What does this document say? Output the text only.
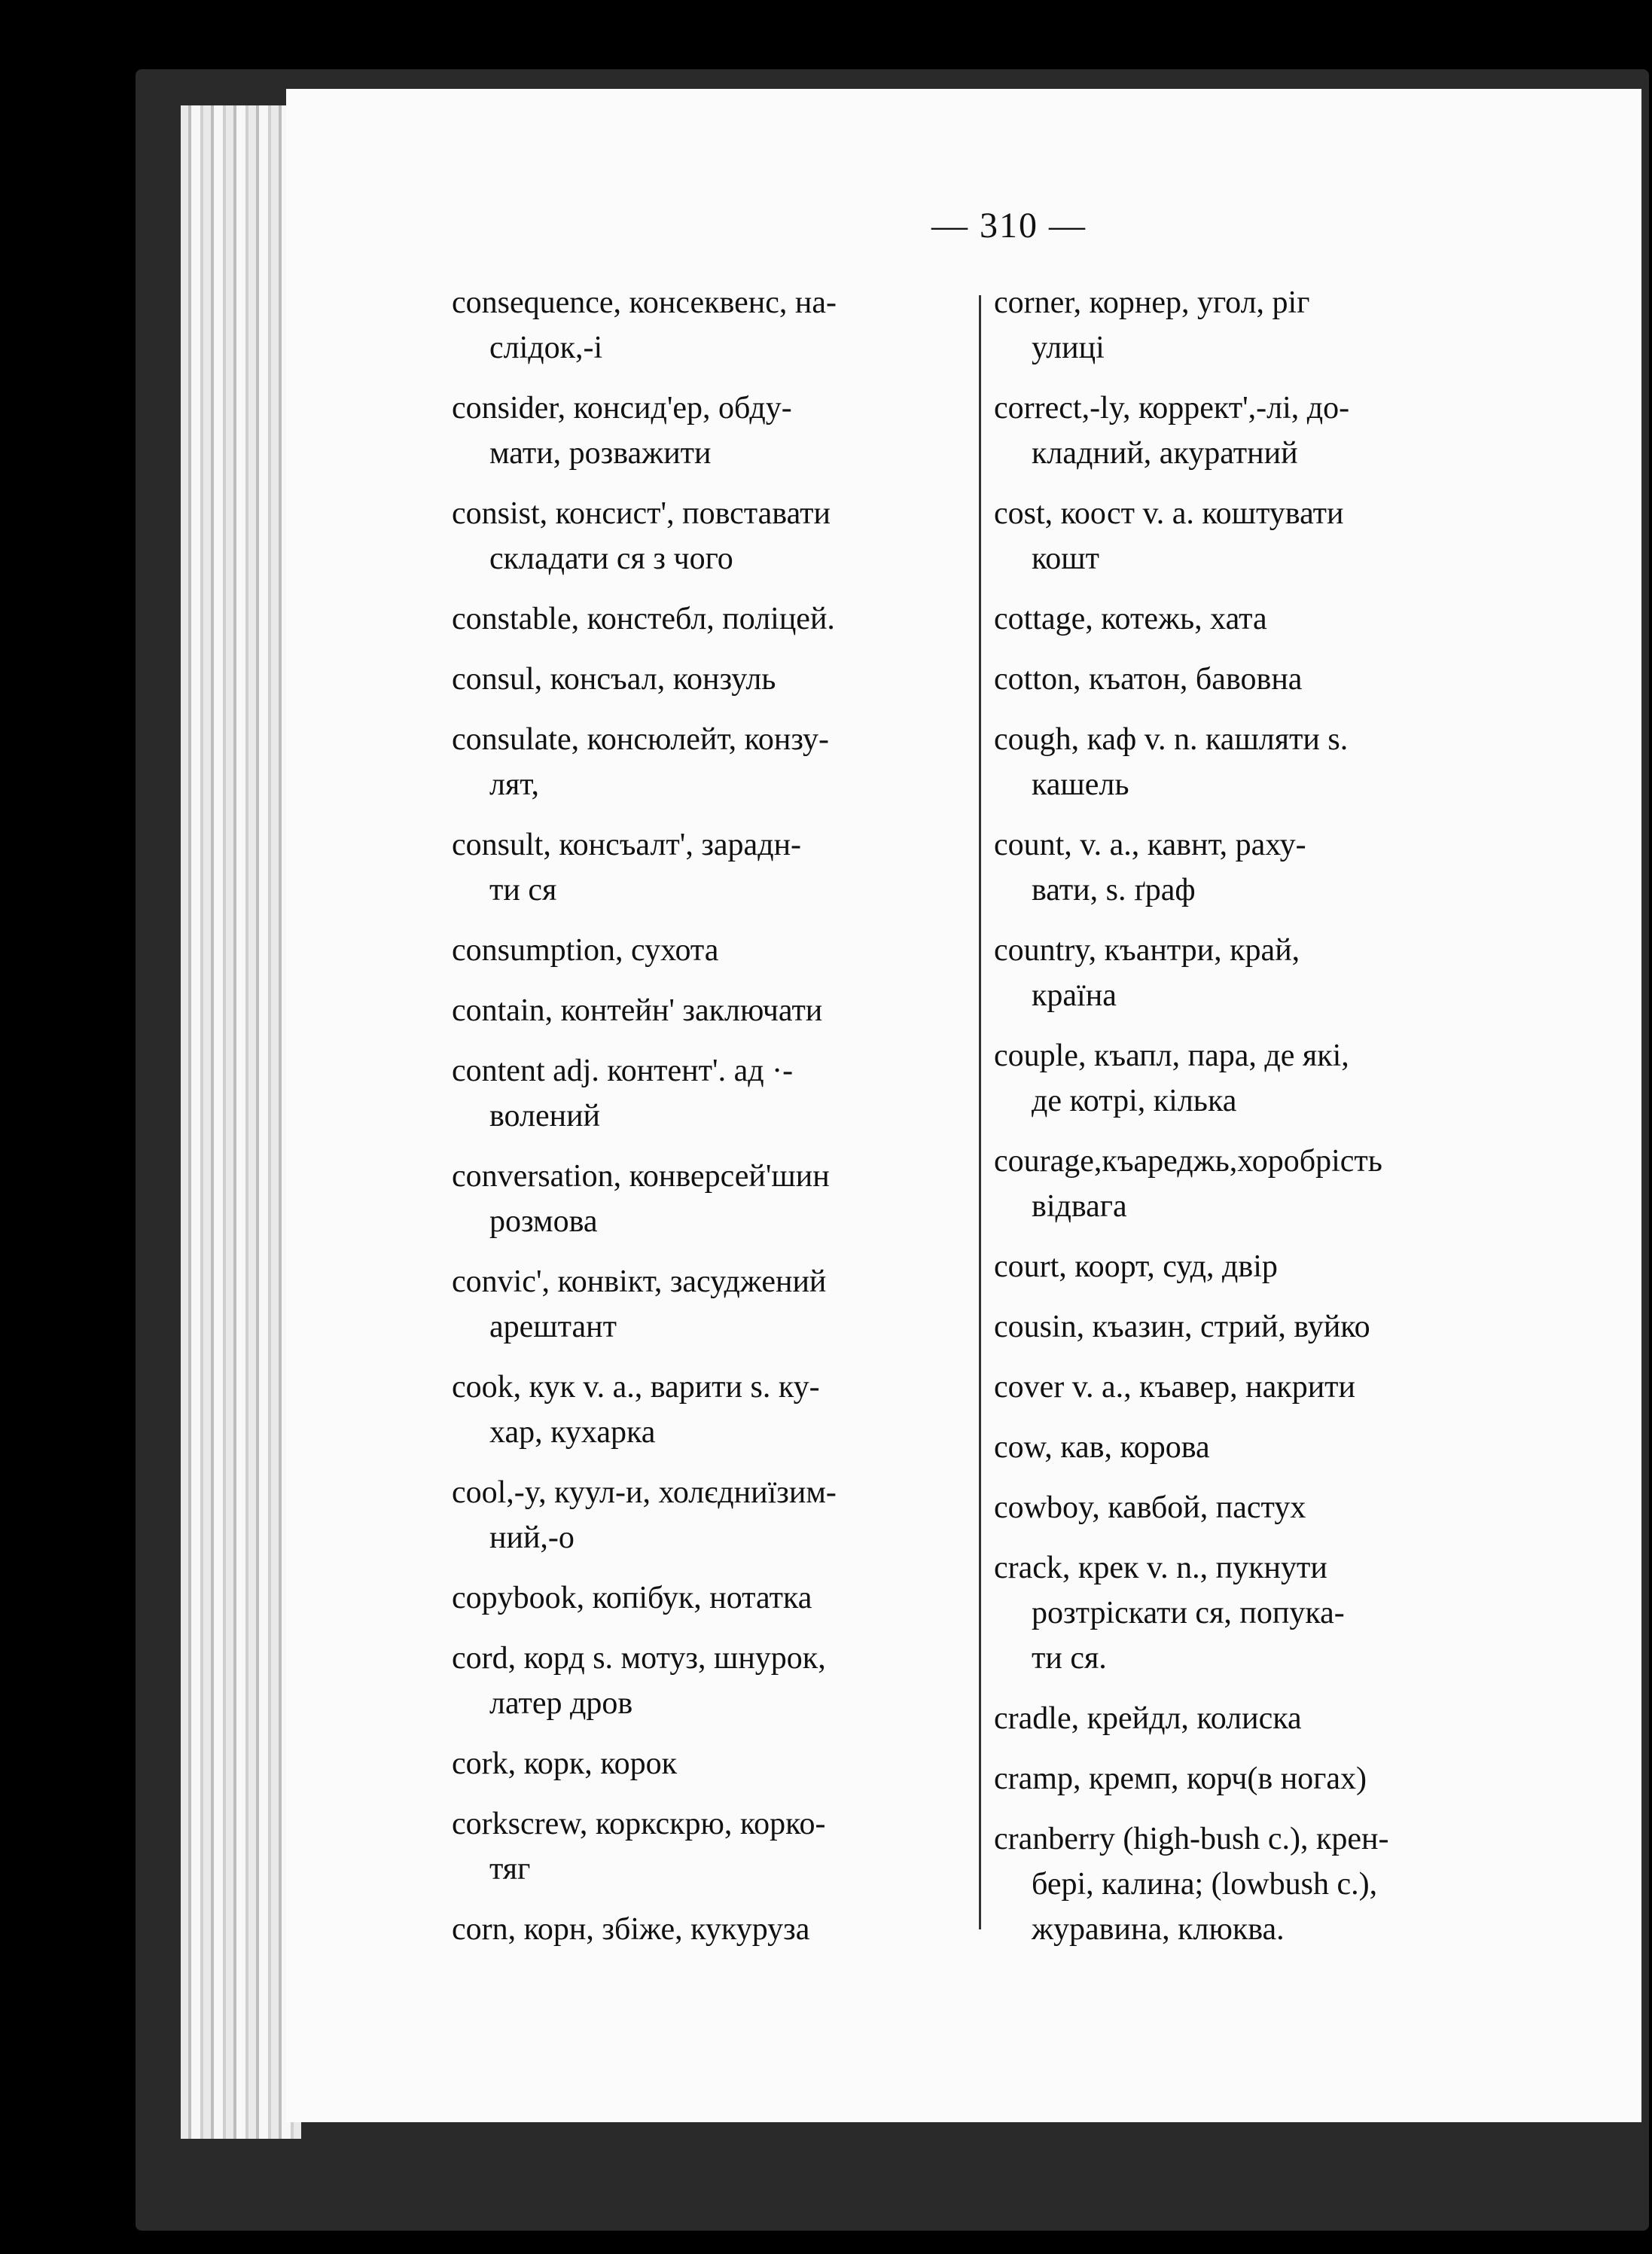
— 310 —
consequence, консеквенс, на-
слідок,-і
consider, консид'ер, обду-
мати, розважити
consist, консист', повставати
складати ся з чого
constable, констебл, поліцей.
consul, консъал, конзуль
consulate, консюлейт, конзу-
лят,
consult, консъалт', зарадн-
ти ся
consumption, сухота
contain, контейн' заключати
content adj. контент'. ад ·-
волений
conversation, конверсей'шин
розмова
convic', конвікт, засуджений
арештант
cook, кук v. a., варити s. ку-
хар, кухарка
cool,-y, куул-и, холєдниїзим-
ний,-о
copybook, копібук, нотатка
cord, корд s. мотуз, шнурок,
латер дров
cork, корк, корок
corkscrew, коркскрю, корко-
тяг
corn, корн, збіже, кукуруза
corner, корнер, угол, ріг
улиці
correct,-ly, коррект',-лі, до-
кладний, акуратний
cost, коост v. a. коштувати
кошт
cottage, котежь, хата
cotton, къатон, бавовна
cough, каф v. n. кашляти s.
кашель
count, v. a., кавнт, раху-
вати, s. ґраф
country, къантри, край,
країна
couple, къапл, пара, де які,
де котрі, кілька
courage,къареджь,хоробрість
відвага
court, коорт, суд, двір
cousin, къазин, стрий, вуйко
cover v. a., къавер, накрити
cow, кав, корова
cowboy, кавбой, пастух
crack, крек v. n., пукнути
розтріскати ся, попука-
ти ся.
cradle, крейдл, колиска
cramp, кремп, корч(в ногах)
cranberry (high-bush c.), крен-
бері, калина; (lowbush c.),
журавина, клюква.
